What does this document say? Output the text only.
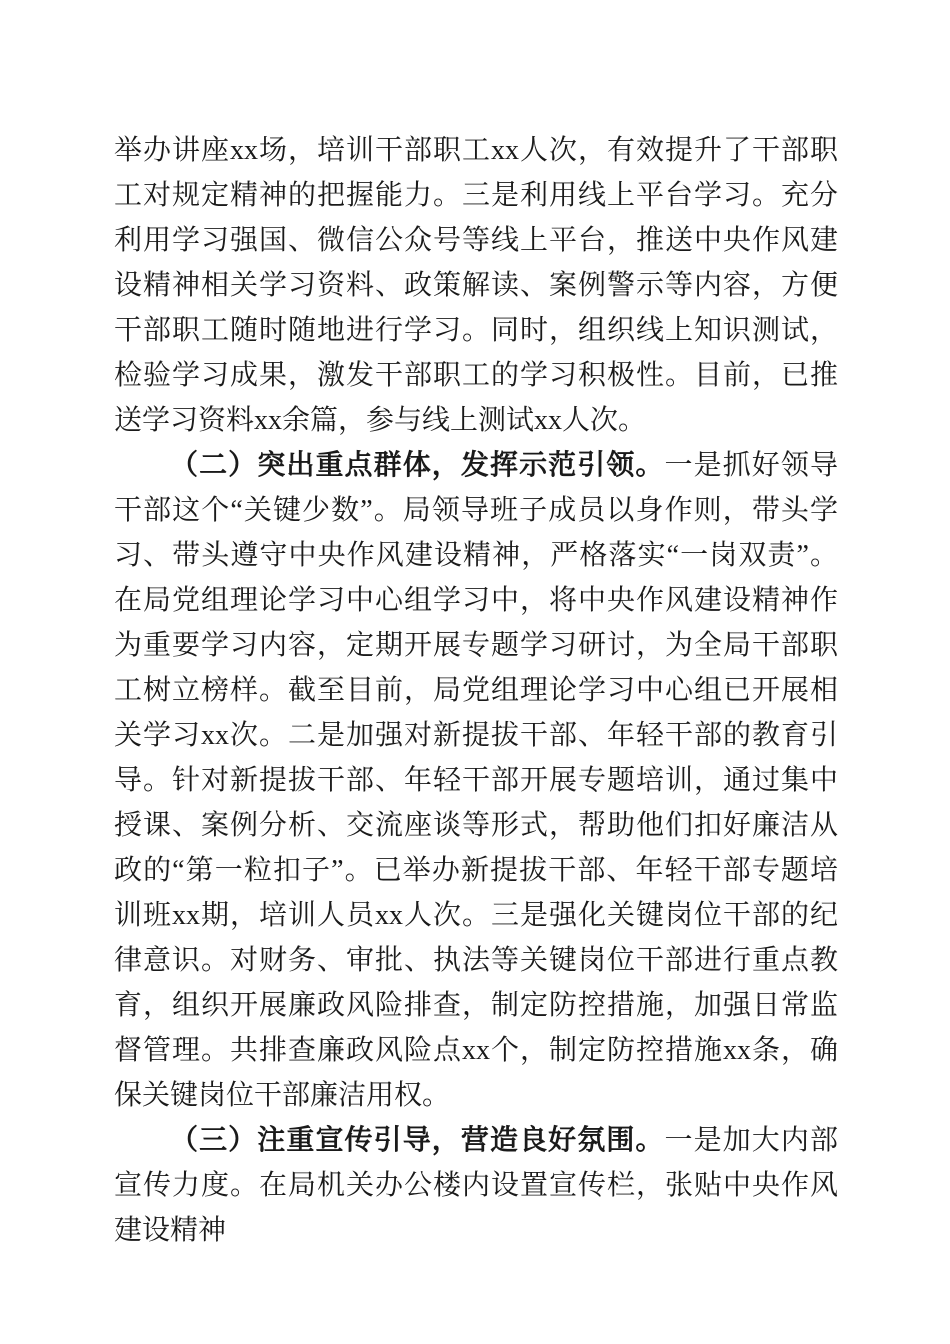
举办讲座xx场，培训干部职工xx人次，有效提升了干部职工对规定精神的把握能力。三是利用线上平台学习。充分利用学习强国、微信公众号等线上平台，推送中央作风建设精神相关学习资料、政策解读、案例警示等内容，方便干部职工随时随地进行学习。同时，组织线上知识测试，检验学习成果，激发干部职工的学习积极性。目前，已推送学习资料xx余篇，参与线上测试xx人次。

（二）突出重点群体，发挥示范引领。一是抓好领导干部这个“关键少数”。局领导班子成员以身作则，带头学习、带头遵守中央作风建设精神，严格落实“一岗双责”。在局党组理论学习中心组学习中，将中央作风建设精神作为重要学习内容，定期开展专题学习研讨，为全局干部职工树立榜样。截至目前，局党组理论学习中心组已开展相关学习xx次。二是加强对新提拔干部、年轻干部的教育引导。针对新提拔干部、年轻干部开展专题培训，通过集中授课、案例分析、交流座谈等形式，帮助他们扣好廉洁从政的“第一粒扣子”。已举办新提拔干部、年轻干部专题培训班xx期，培训人员xx人次。三是强化关键岗位干部的纪律意识。对财务、审批、执法等关键岗位干部进行重点教育，组织开展廉政风险排查，制定防控措施，加强日常监督管理。共排查廉政风险点xx个，制定防控措施xx条，确保关键岗位干部廉洁用权。

（三）注重宣传引导，营造良好氛围。一是加大内部宣传力度。在局机关办公楼内设置宣传栏，张贴中央作风建设精神
